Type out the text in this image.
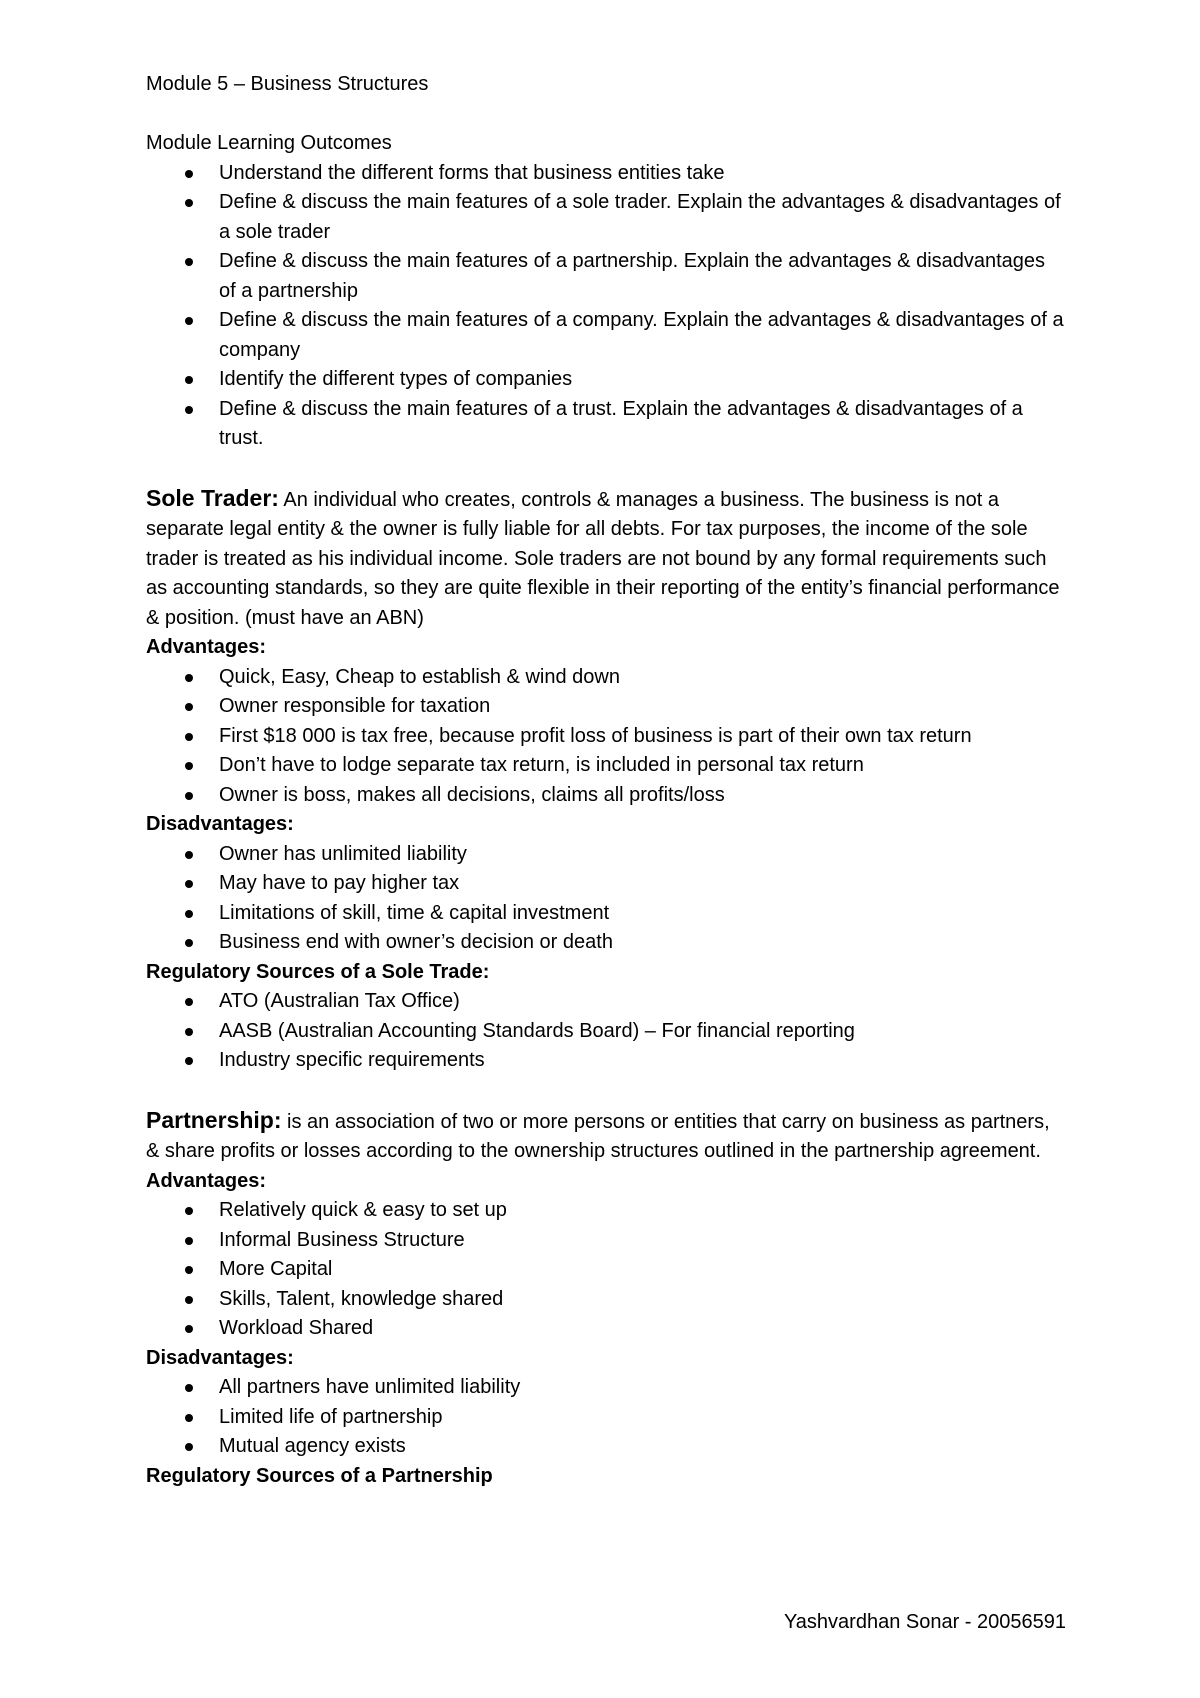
Module 5 – Business Structures

Module Learning Outcomes

Understand the different forms that business entities take
Define & discuss the main features of a sole trader. Explain the advantages & disadvantages of a sole trader
Define & discuss the main features of a partnership. Explain the advantages & disadvantages of a partnership
Define & discuss the main features of a company. Explain the advantages & disadvantages of a company
Identify the different types of companies
Define & discuss the main features of a trust. Explain the advantages & disadvantages of a trust.

Sole Trader: An individual who creates, controls & manages a business. The business is not a separate legal entity & the owner is fully liable for all debts. For tax purposes, the income of the sole trader is treated as his individual income. Sole traders are not bound by any formal requirements such as accounting standards, so they are quite flexible in their reporting of the entity’s financial performance & position. (must have an ABN)

Advantages:

Quick, Easy, Cheap to establish & wind down
Owner responsible for taxation
First $18 000 is tax free, because profit loss of business is part of their own tax return
Don’t have to lodge separate tax return, is included in personal tax return
Owner is boss, makes all decisions, claims all profits/loss

Disadvantages:

Owner has unlimited liability
May have to pay higher tax
Limitations of skill, time & capital investment
Business end with owner’s decision or death

Regulatory Sources of a Sole Trade:

ATO (Australian Tax Office)
AASB (Australian Accounting Standards Board) – For financial reporting
Industry specific requirements

Partnership: is an association of two or more persons or entities that carry on business as partners, & share profits or losses according to the ownership structures outlined in the partnership agreement.

Advantages:

Relatively quick & easy to set up
Informal Business Structure
More Capital
Skills, Talent, knowledge shared
Workload Shared

Disadvantages:

All partners have unlimited liability
Limited life of partnership
Mutual agency exists

Regulatory Sources of a Partnership

Yashvardhan Sonar - 20056591
